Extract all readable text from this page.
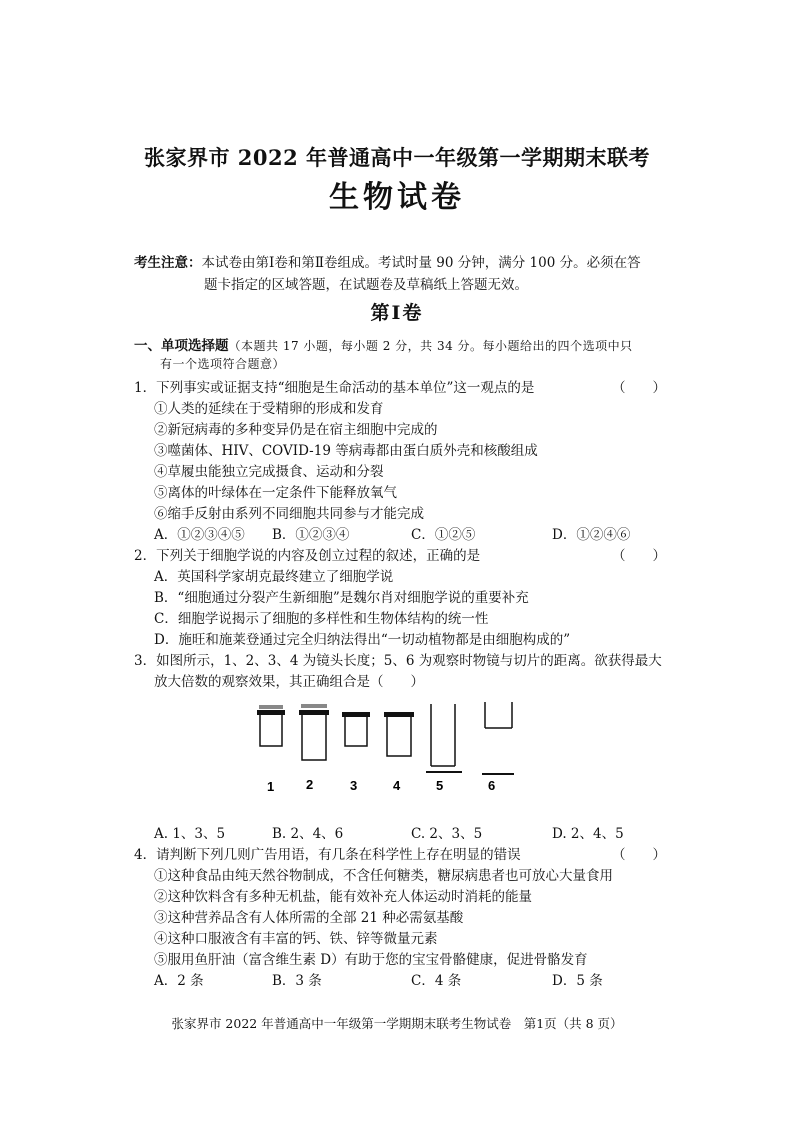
张家界市 2022 年普通高中一年级第一学期期末联考
生物试卷
考生注意：本试卷由第Ⅰ卷和第Ⅱ卷组成。考试时量 90 分钟，满分 100 分。必须在答
题卡指定的区域答题，在试题卷及草稿纸上答题无效。
第Ⅰ卷
一、单项选择题（本题共 17 小题，每小题 2 分，共 34 分。每小题给出的四个选项中只
有一个选项符合题意）
1．下列事实或证据支持“细胞是生命活动的基本单位”这一观点的是	（　　）
①人类的延续在于受精卵的形成和发育
②新冠病毒的多种变异仍是在宿主细胞中完成的
③噬菌体、HIV、COVID-19 等病毒都由蛋白质外壳和核酸组成
④草履虫能独立完成摄食、运动和分裂
⑤离体的叶绿体在一定条件下能释放氧气
⑥缩手反射由系列不同细胞共同参与才能完成
A．①②③④⑤ B．①②③④	C．①②⑤	D．①②④⑥
2．下列关于细胞学说的内容及创立过程的叙述，正确的是	（　　）
A．英国科学家胡克最终建立了细胞学说
B．“细胞通过分裂产生新细胞”是魏尔肖对细胞学说的重要补充
C．细胞学说揭示了细胞的多样性和生物体结构的统一性
D．施旺和施莱登通过完全归纳法得出“一切动植物都是由细胞构成的”
3．如图所示，1、2、3、4 为镜头长度；5、6 为观察时物镜与切片的距离。欲获得最大
放大倍数的观察效果，其正确组合是（　　）
1 2	3	4	5	6
A. 1、3、5	B. 2、4、6	C. 2、3、5	D. 2、4、5
4．请判断下列几则广告用语，有几条在科学性上存在明显的错误	（　　）
①这种食品由纯天然谷物制成，不含任何糖类，糖尿病患者也可放心大量食用
②这种饮料含有多种无机盐，能有效补充人体运动时消耗的能量
③这种营养品含有人体所需的全部 21 种必需氨基酸
④这种口服液含有丰富的钙、铁、锌等微量元素
⑤服用鱼肝油（富含维生素 D）有助于您的宝宝骨骼健康，促进骨骼发育
A．2 条	B．3 条	C．4 条	D．5 条
张家界市 2022 年普通高中一年级第一学期期末联考生物试卷　第1页（共 8 页）
